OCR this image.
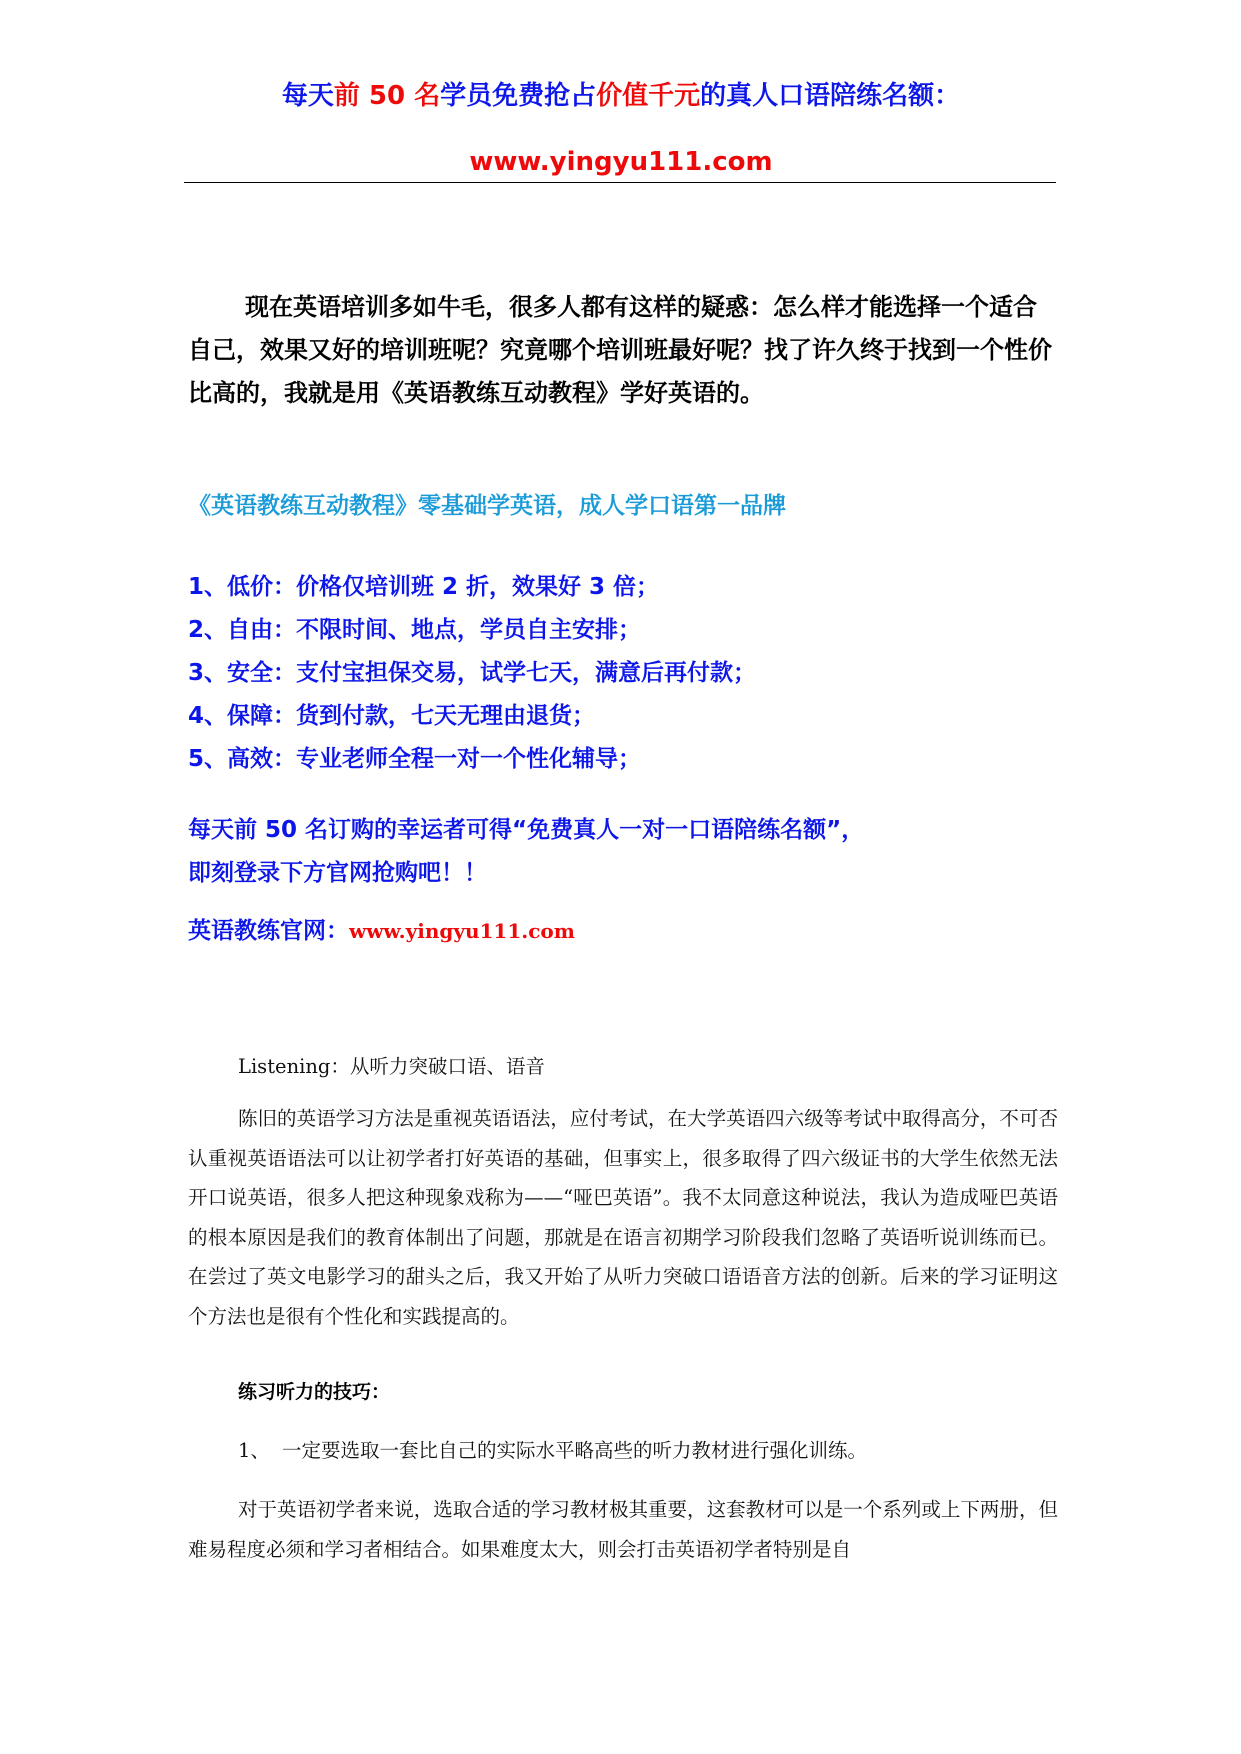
每天前 50 名学员免费抢占价值千元的真人口语陪练名额：
www.yingyu111.com

现在英语培训多如牛毛，很多人都有这样的疑惑：怎么样才能选择一个适合自己，效果又好的培训班呢？究竟哪个培训班最好呢？找了许久终于找到一个性价比高的，我就是用《英语教练互动教程》学好英语的。

《英语教练互动教程》零基础学英语，成人学口语第一品牌

1、低价：价格仅培训班 2 折，效果好 3 倍；
2、自由：不限时间、地点，学员自主安排；
3、安全：支付宝担保交易，试学七天，满意后再付款；
4、保障：货到付款，七天无理由退货；
5、高效：专业老师全程一对一个性化辅导；
每天前 50 名订购的幸运者可得“免费真人一对一口语陪练名额”，
即刻登录下方官网抢购吧！！

英语教练官网：www.yingyu111.com

Listening：从听力突破口语、语音

陈旧的英语学习方法是重视英语语法，应付考试，在大学英语四六级等考试中取得高分，不可否认重视英语语法可以让初学者打好英语的基础，但事实上，很多取得了四六级证书的大学生依然无法开口说英语，很多人把这种现象戏称为——“哑巴英语”。我不太同意这种说法，我认为造成哑巴英语的根本原因是我们的教育体制出了问题，那就是在语言初期学习阶段我们忽略了英语听说训练而已。在尝过了英文电影学习的甜头之后，我又开始了从听力突破口语语音方法的创新。后来的学习证明这个方法也是很有个性化和实践提高的。

练习听力的技巧：

1、 一定要选取一套比自己的实际水平略高些的听力教材进行强化训练。

对于英语初学者来说，选取合适的学习教材极其重要，这套教材可以是一个系列或上下两册，但难易程度必须和学习者相结合。如果难度太大，则会打击英语初学者特别是自
